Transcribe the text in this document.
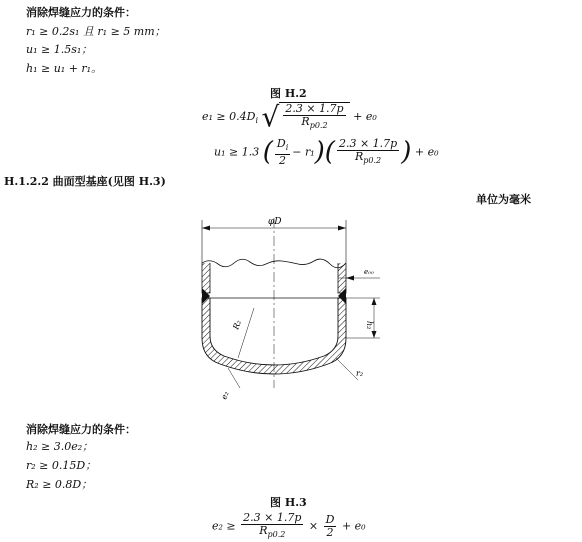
消除焊缝应力的条件：
r₁ ≥ 0.2s₁ 且 r₁ ≥ 5 mm；
u₁ ≥ 1.5s₁；
h₁ ≥ u₁ + r₁。
图 H.2
$e_1 \ge 0.4D_i$ √ $\frac{2.3 \times 1.7p}{R_{p0.2}} + e_0$
u₁ ≥ 1.3 ( $\frac{D_i}{2} - r_1)( \frac{2.3 \times 1.7p}{R_{p0.2}}$ ) + e₀
H.1.2.2 曲面型基座(见图 H.3)
单位为毫米
φD
e₀₀
h₂
R₂
r₂
e₂
消除焊缝应力的条件：
h₂ ≥ 3.0e₂；
r₂ ≥ 0.15D；
R₂ ≥ 0.8D；
图 H.3
$e_2 \ge \frac{2.3 \times 1.7p}{R_{p0.2}} \times \frac{D}{2} + e_0$
